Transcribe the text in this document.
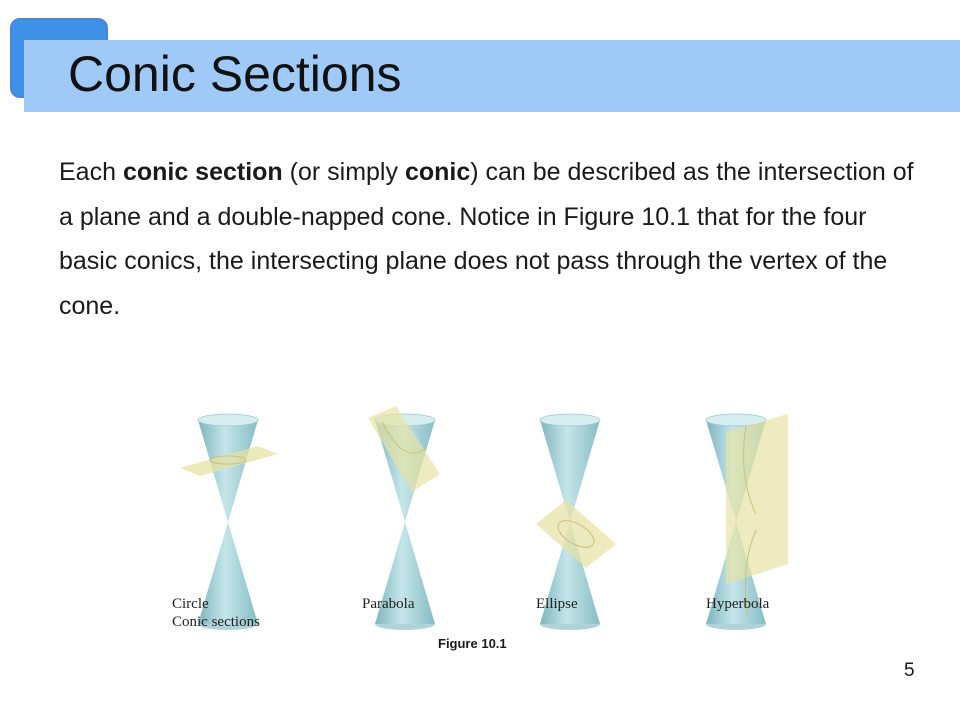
Conic Sections

Each conic section (or simply conic) can be described as the intersection of a plane and a double-napped cone. Notice in Figure 10.1 that for the four basic conics, the intersecting plane does not pass through the vertex of the cone.

Circle	Parabola	Ellipse	Hyperbola
Conic sections
Figure 10.1
5
